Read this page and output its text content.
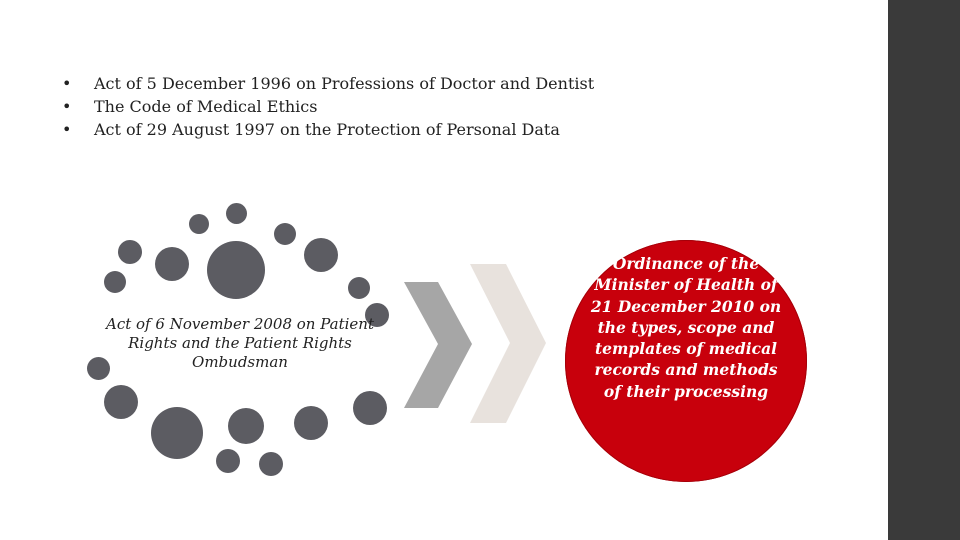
• Act of 5 December 1996 on Professions of Doctor and Dentist
• The Code of Medical Ethics
• Act of 29 August 1997 on the Protection of Personal Data
Act of 6 November 2008 on Patient Rights and the Patient Rights Ombudsman
Ordinance of the Minister of Health of 21 December 2010 on the types, scope and templates of medical records and methods of their processing
